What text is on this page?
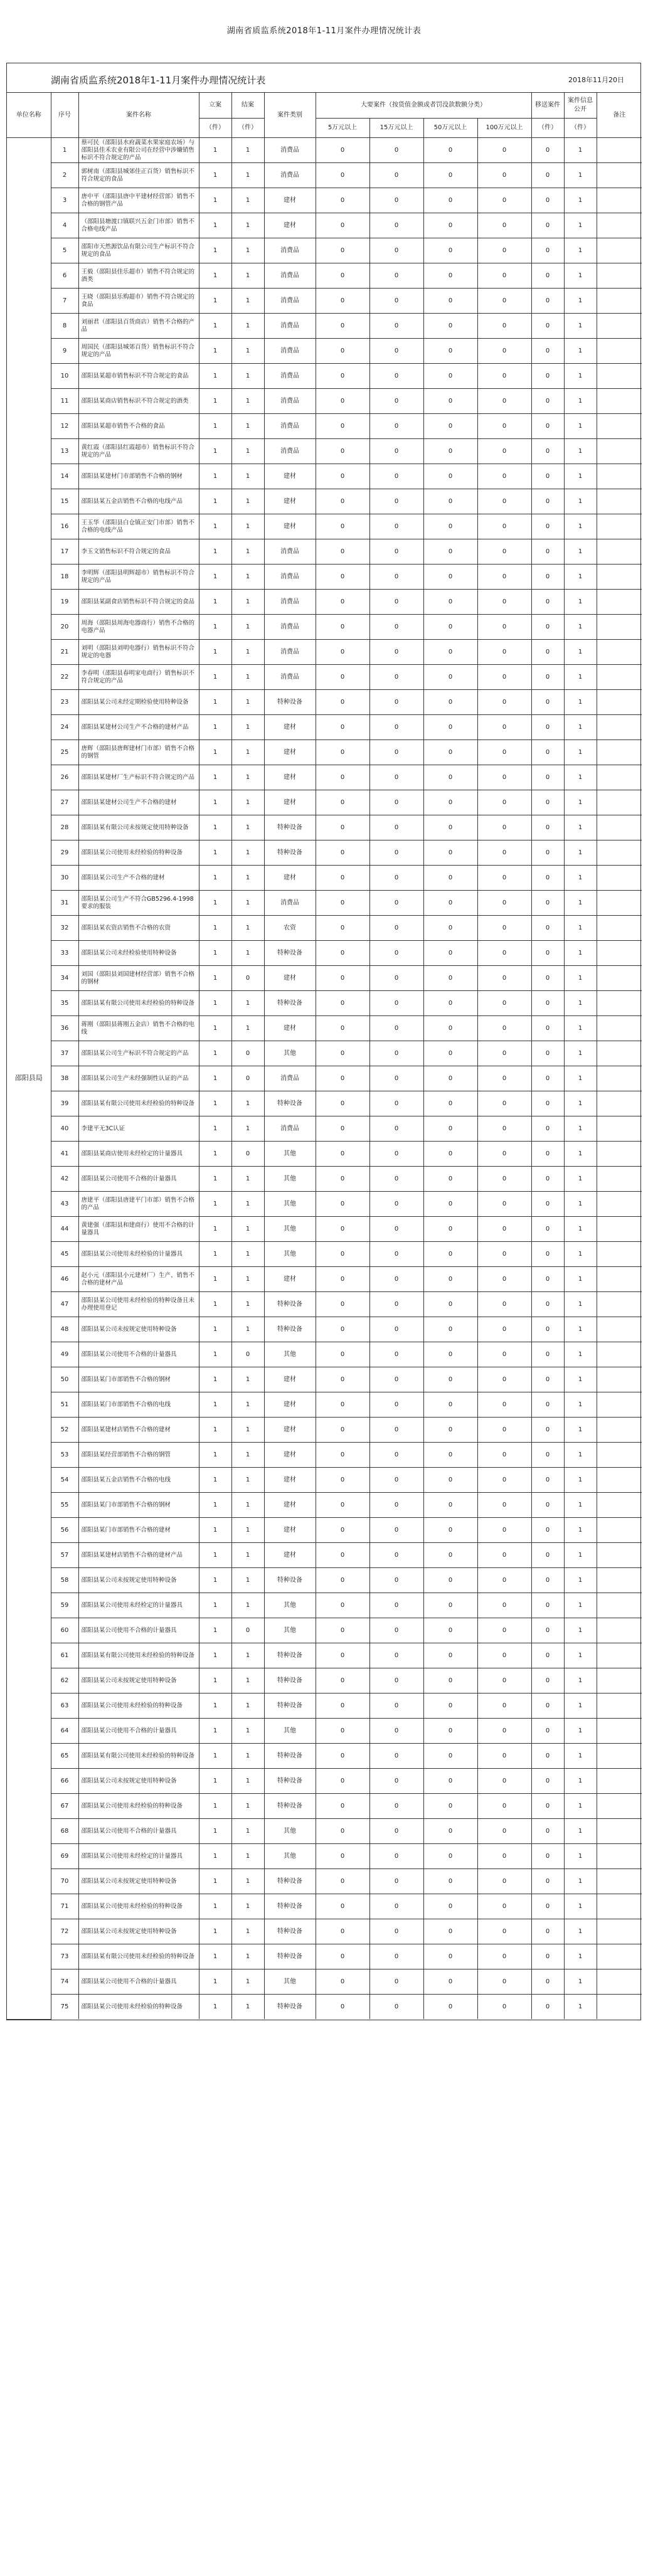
湖南省质监系统2018年1-11月案件办理情况统计表
湖南省质监系统2018年1-11月案件办理情况统计表	2018年11月20日
单位名称	序号	案件名称	立案	结案	案件类别	大要案件（按货值金额或者罚没款数额分类）				移送案件	案件信息公开	备注
			（件）	（件）		5万元以上	15万元以上	50万元以上	100万元以上	（件）	（件）	
邵阳县局	1	蔡可民（邵阳县水府蔬菜水果家庭农场）与邵阳县佳禾农业有限公司在经营中涉嫌销售标识不符合规定的产品	1	1	消费品	0	0	0	0	0	1	
	2	郭树南（邵阳县城郊佳正百货）销售标识不符合规定的食品	1	1	消费品	0	0	0	0	0	1	
	3	唐中平（邵阳县唐中平建材经营部）销售不合格的钢管产品	1	1	建材	0	0	0	0	0	1	
	4	（邵阳县塘渡口镇联兴五金门市部）销售不合格电线产品	1	1	建材	0	0	0	0	0	1	
	5	邵阳市天然源饮品有限公司生产标识不符合规定的食品	1	1	消费品	0	0	0	0	0	1	
	6	王毅（邵阳县佳乐超市）销售不符合规定的酒类	1	1	消费品	0	0	0	0	0	1	
	7	王晓（邵阳县乐购超市）销售不符合规定的食品	1	1	消费品	0	0	0	0	0	1	
	8	刘丽君（邵阳县百货商店）销售不合格的产品	1	1	消费品	0	0	0	0	0	1	
	9	周国民（邵阳县城郊百货）销售标识不符合规定的产品	1	1	消费品	0	0	0	0	0	1	
	10	邵阳县某超市销售标识不符合规定的食品	1	1	消费品	0	0	0	0	0	1	
	11	邵阳县某商店销售标识不符合规定的酒类	1	1	消费品	0	0	0	0	0	1	
	12	邵阳县某超市销售不合格的食品	1	1	消费品	0	0	0	0	0	1	
	13	黄红霞（邵阳县红霞超市）销售标识不符合规定的产品	1	1	消费品	0	0	0	0	0	1	
	14	邵阳县某建材门市部销售不合格的钢材	1	1	建材	0	0	0	0	0	1	
	15	邵阳县某五金店销售不合格的电线产品	1	1	建材	0	0	0	0	0	1	
	16	王玉华（邵阳县白仓镇正安门市部）销售不合格的电线产品	1	1	建材	0	0	0	0	0	1	
	17	李玉文销售标识不符合规定的食品	1	1	消费品	0	0	0	0	0	1	
	18	李明辉（邵阳县明辉超市）销售标识不符合规定的产品	1	1	消费品	0	0	0	0	0	1	
	19	邵阳县某副食店销售标识不符合规定的食品	1	1	消费品	0	0	0	0	0	1	
	20	周海（邵阳县周海电器商行）销售不合格的电器产品	1	1	消费品	0	0	0	0	0	1	
	21	刘明（邵阳县刘明电器行）销售标识不符合规定的电器	1	1	消费品	0	0	0	0	0	1	
	22	李春明（邵阳县春明家电商行）销售标识不符合规定的产品	1	1	消费品	0	0	0	0	0	1	
	23	邵阳县某公司未经定期检验使用特种设备	1	1	特种设备	0	0	0	0	0	1	
	24	邵阳县某建材公司生产不合格的建材产品	1	1	建材	0	0	0	0	0	1	
	25	唐辉（邵阳县唐辉建材门市部）销售不合格的钢管	1	1	建材	0	0	0	0	0	1	
	26	邵阳县某建材厂生产标识不符合规定的产品	1	1	建材	0	0	0	0	0	1	
	27	邵阳县某建材公司生产不合格的建材	1	1	建材	0	0	0	0	0	1	
	28	邵阳县某有限公司未按规定使用特种设备	1	1	特种设备	0	0	0	0	0	1	
	29	邵阳县某公司使用未经检验的特种设备	1	1	特种设备	0	0	0	0	0	1	
	30	邵阳县某公司生产不合格的建材	1	1	建材	0	0	0	0	0	1	
	31	邵阳县某公司生产不符合GB5296.4-1998要求的服装	1	1	消费品	0	0	0	0	0	1	
	32	邵阳县某农资店销售不合格的农资	1	1	农资	0	0	0	0	0	1	
	33	邵阳县某公司未经检验使用特种设备	1	1	特种设备	0	0	0	0	0	1	
	34	刘国（邵阳县刘国建材经营部）销售不合格的钢材	1	0	建材	0	0	0	0	0	1	
	35	邵阳县某有限公司使用未经检验的特种设备	1	1	特种设备	0	0	0	0	0	1	
	36	蒋刚（邵阳县蒋刚五金店）销售不合格的电线	1	1	建材	0	0	0	0	0	1	
	37	邵阳县某公司生产标识不符合规定的产品	1	0	其他	0	0	0	0	0	1	
	38	邵阳县某公司生产未经强制性认证的产品	1	0	消费品	0	0	0	0	0	1	
	39	邵阳县某有限公司使用未经检验的特种设备	1	1	特种设备	0	0	0	0	0	1	
	40	李建平无3C认证	1	1	消费品	0	0	0	0	0	1	
	41	邵阳县某商店使用未经检定的计量器具	1	0	其他	0	0	0	0	0	1	
	42	邵阳县某公司使用不合格的计量器具	1	1	其他	0	0	0	0	0	1	
	43	唐建平（邵阳县唐建平门市部）销售不合格的产品	1	1	其他	0	0	0	0	0	1	
	44	黄建强（邵阳县和建商行）使用不合格的计量器具	1	1	其他	0	0	0	0	0	1	
	45	邵阳县某公司使用未经检验的计量器具	1	1	其他	0	0	0	0	0	1	
	46	赵小元（邵阳县小元建材厂）生产、销售不合格的建材产品	1	1	建材	0	0	0	0	0	1	
	47	邵阳县某公司使用未经检验的特种设备且未办理使用登记	1	1	特种设备	0	0	0	0	0	1	
	48	邵阳县某公司未按规定使用特种设备	1	1	特种设备	0	0	0	0	0	1	
	49	邵阳县某公司使用不合格的计量器具	1	0	其他	0	0	0	0	0	1	
	50	邵阳县某门市部销售不合格的钢材	1	1	建材	0	0	0	0	0	1	
	51	邵阳县某门市部销售不合格的电线	1	1	建材	0	0	0	0	0	1	
	52	邵阳县某建材店销售不合格的建材	1	1	建材	0	0	0	0	0	1	
	53	邵阳县某经营部销售不合格的钢管	1	1	建材	0	0	0	0	0	1	
	54	邵阳县某五金店销售不合格的电线	1	1	建材	0	0	0	0	0	1	
	55	邵阳县某门市部销售不合格的钢材	1	1	建材	0	0	0	0	0	1	
	56	邵阳县某门市部销售不合格的建材	1	1	建材	0	0	0	0	0	1	
	57	邵阳县某建材店销售不合格的建材产品	1	1	建材	0	0	0	0	0	1	
	58	邵阳县某公司未按规定使用特种设备	1	1	特种设备	0	0	0	0	0	1	
	59	邵阳县某公司使用未经检定的计量器具	1	1	其他	0	0	0	0	0	1	
	60	邵阳县某公司使用不合格的计量器具	1	0	其他	0	0	0	0	0	1	
	61	邵阳县某有限公司使用未经检验的特种设备	1	1	特种设备	0	0	0	0	0	1	
	62	邵阳县某公司未按规定使用特种设备	1	1	特种设备	0	0	0	0	0	1	
	63	邵阳县某公司使用未经检验的特种设备	1	1	特种设备	0	0	0	0	0	1	
	64	邵阳县某公司使用不合格的计量器具	1	1	其他	0	0	0	0	0	1	
	65	邵阳县某有限公司使用未经检验的特种设备	1	1	特种设备	0	0	0	0	0	1	
	66	邵阳县某公司未按规定使用特种设备	1	1	特种设备	0	0	0	0	0	1	
	67	邵阳县某公司使用未经检验的特种设备	1	1	特种设备	0	0	0	0	0	1	
	68	邵阳县某公司使用不合格的计量器具	1	1	其他	0	0	0	0	0	1	
	69	邵阳县某公司使用未经检定的计量器具	1	1	其他	0	0	0	0	0	1	
	70	邵阳县某公司未按规定使用特种设备	1	1	特种设备	0	0	0	0	0	1	
	71	邵阳县某公司使用未经检验的特种设备	1	1	特种设备	0	0	0	0	0	1	
	72	邵阳县某公司未按规定使用特种设备	1	1	特种设备	0	0	0	0	0	1	
	73	邵阳县某有限公司使用未经检验的特种设备	1	1	特种设备	0	0	0	0	0	1	
	74	邵阳县某公司使用不合格的计量器具	1	1	其他	0	0	0	0	0	1	
	75	邵阳县某公司使用未经检验的特种设备	1	1	特种设备	0	0	0	0	0	1	
